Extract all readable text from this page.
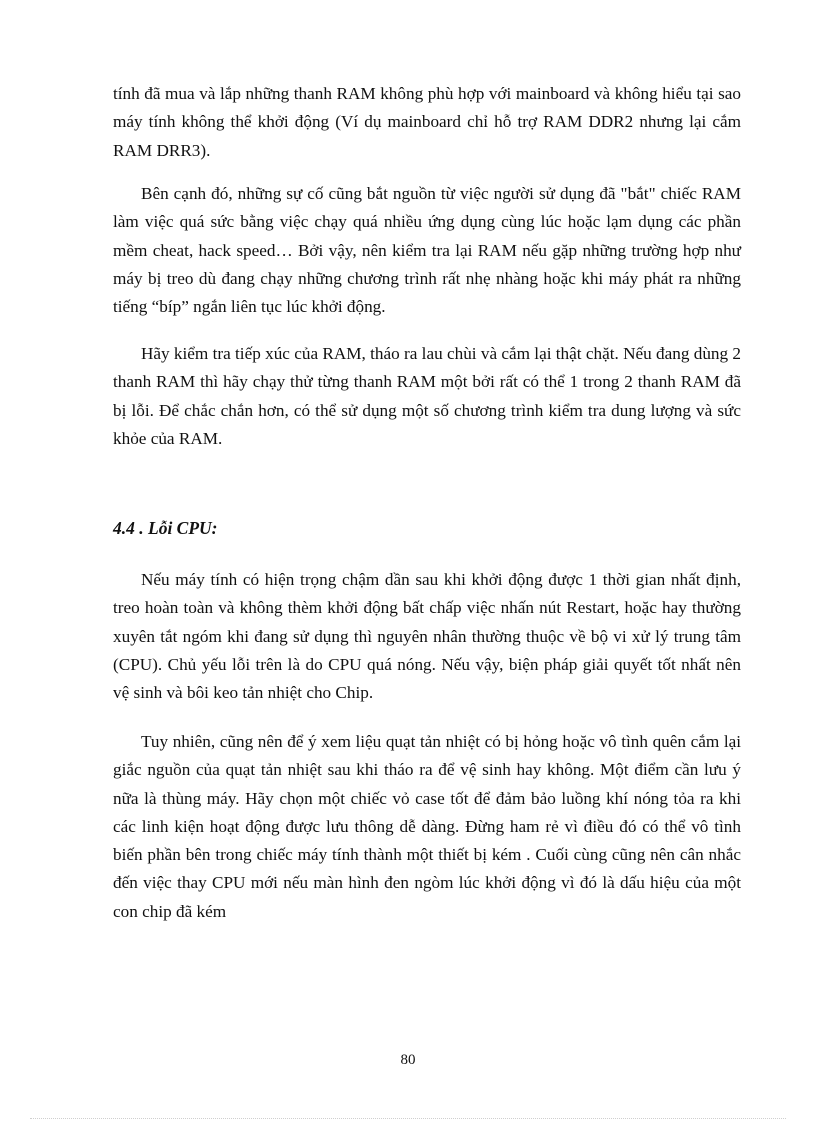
tính đã mua và lắp những thanh RAM không phù hợp với mainboard và không hiểu tại sao máy tính không thể khởi động (Ví dụ mainboard chỉ hỗ trợ RAM DDR2 nhưng lại cắm RAM DRR3).

Bên cạnh đó, những sự cố cũng bắt nguồn từ việc người sử dụng đã "bắt" chiếc RAM làm việc quá sức bằng việc chạy quá nhiều ứng dụng cùng lúc hoặc lạm dụng các phần mềm cheat, hack speed… Bởi vậy, nên kiểm tra lại RAM nếu gặp những trường hợp như máy bị treo dù đang chạy những chương trình rất nhẹ nhàng hoặc khi máy phát ra những tiếng “bíp” ngắn liên tục lúc khởi động.

Hãy kiểm tra tiếp xúc của RAM, tháo ra lau chùi và cắm lại thật chặt. Nếu đang dùng 2 thanh RAM thì hãy chạy thử từng thanh RAM một bởi rất có thể 1 trong 2 thanh RAM đã bị lỗi. Để chắc chắn hơn, có thể sử dụng một số chương trình kiểm tra dung lượng và sức khỏe của RAM.

4.4 . Lỗi CPU:

Nếu máy tính có hiện trọng chậm dần sau khi khởi động được 1 thời gian nhất định, treo hoàn toàn và không thèm khởi động bất chấp việc nhấn nút Restart, hoặc hay thường xuyên tắt ngóm khi đang sử dụng thì nguyên nhân thường thuộc về bộ vi xử lý trung tâm (CPU). Chủ yếu lỗi trên là do CPU quá nóng. Nếu vậy, biện pháp giải quyết tốt nhất nên vệ sinh và bôi keo tản nhiệt cho Chip.

Tuy nhiên, cũng nên để ý xem liệu quạt tản nhiệt có bị hỏng hoặc vô tình quên cắm lại giắc nguồn của quạt tản nhiệt sau khi tháo ra để vệ sinh hay không. Một điểm cần lưu ý nữa là thùng máy. Hãy chọn một chiếc vỏ case tốt để đảm bảo luồng khí nóng tỏa ra khi các linh kiện hoạt động được lưu thông dễ dàng. Đừng ham rẻ vì điều đó có thể vô tình biến phần bên trong chiếc máy tính thành một thiết bị kém . Cuối cùng cũng nên cân nhắc đến việc thay CPU mới nếu màn hình đen ngòm lúc khởi động vì đó là dấu hiệu của một con chip đã kém

80
